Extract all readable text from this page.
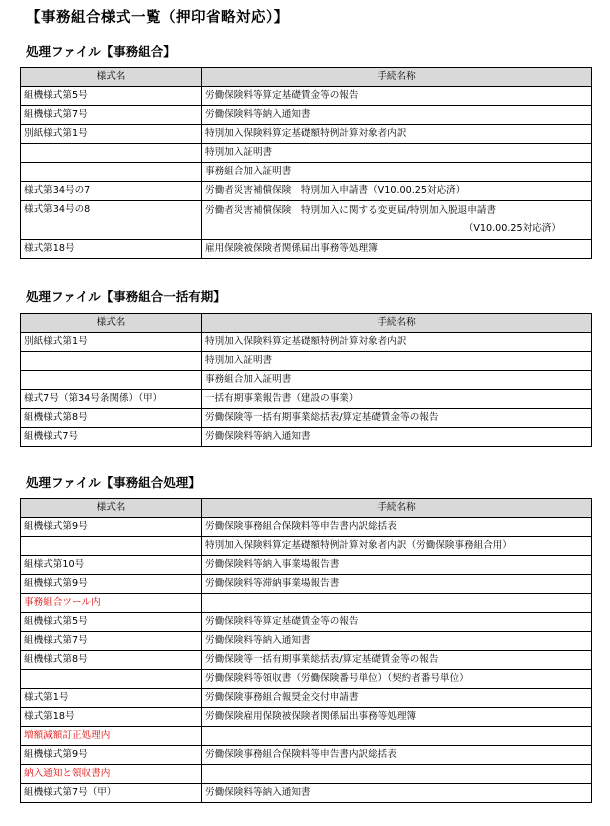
【事務組合様式一覧（押印省略対応）】
処理ファイル【事務組合】
様式名	手続名称
組機様式第5号	労働保険料等算定基礎賃金等の報告
組機様式第7号	労働保険料等納入通知書
別紙様式第1号	特別加入保険料算定基礎額特例計算対象者内訳
	特別加入証明書
	事務組合加入証明書
様式第34号の7	労働者災害補償保険　特別加入申請書（V10.00.25対応済）
様式第34号の8	労働者災害補償保険　特別加入に関する変更届/特別加入脱退申請書
（V10.00.25対応済）

様式第18号	雇用保険被保険者関係届出事務等処理簿
処理ファイル【事務組合一括有期】
様式名	手続名称
別紙様式第1号	特別加入保険料算定基礎額特例計算対象者内訳
	特別加入証明書
	事務組合加入証明書
様式7号（第34号条関係）（甲）	一括有期事業報告書（建設の事業）
組機様式第8号	労働保険等一括有期事業総括表/算定基礎賃金等の報告
組機様式7号	労働保険料等納入通知書
処理ファイル【事務組合処理】
様式名	手続名称
組機様式第9号	労働保険事務組合保険料等申告書内訳総括表
	特別加入保険料算定基礎額特例計算対象者内訳（労働保険事務組合用）
組様式第10号	労働保険料等納入事業場報告書
組機様式第9号	労働保険料等滞納事業場報告書
事務組合ツール内	
組機様式第5号	労働保険料等算定基礎賃金等の報告
組機様式第7号	労働保険料等納入通知書
組機様式第8号	労働保険等一括有期事業総括表/算定基礎賃金等の報告
	労働保険料等領収書（労働保険番号単位）（契約者番号単位）
様式第1号	労働保険事務組合報奨金交付申請書
様式第18号	労働保険雇用保険被保険者関係届出事務等処理簿
増額減額訂正処理内	
組機様式第9号	労働保険事務組合保険料等申告書内訳総括表
納入通知と領収書内	
組機様式第7号（甲）	労働保険料等納入通知書
